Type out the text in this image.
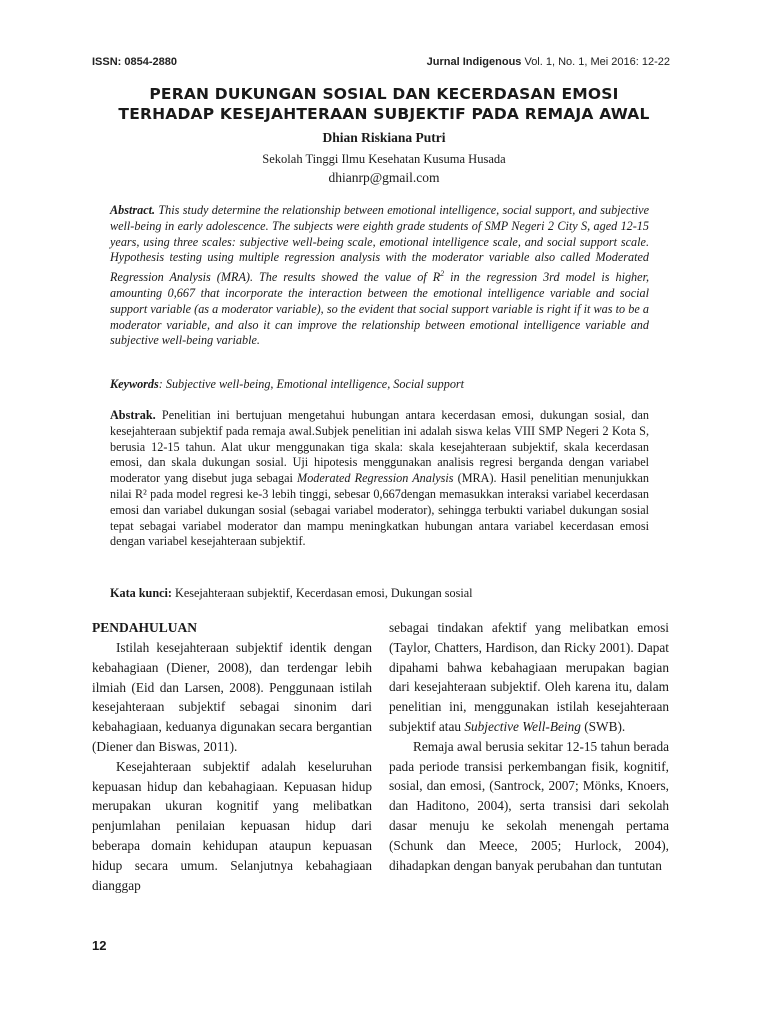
ISSN: 0854-2880	Jurnal Indigenous Vol. 1, No. 1, Mei 2016: 12-22
PERAN DUKUNGAN SOSIAL DAN KECERDASAN EMOSI
TERHADAP KESEJAHTERAAN SUBJEKTIF PADA REMAJA AWAL
Dhian Riskiana Putri
Sekolah Tinggi Ilmu Kesehatan Kusuma Husada
dhianrp@gmail.com
Abstract. This study determine the relationship between emotional intelligence, social support, and subjective well-being in early adolescence. The subjects were eighth grade students of SMP Negeri 2 City S, aged 12-15 years, using three scales: subjective well-being scale, emotional intelligence scale, and social support scale. Hypothesis testing using multiple regression analysis with the moderator variable also called Moderated Regression Analysis (MRA). The results showed the value of $R^2$ in the regression 3rd model is higher, amounting 0,667 that incorporate the interaction between the emotional intelligence variable and social support variable (as a moderator variable), so the evident that social support variable is right if it was to be a moderator variable, and also it can improve the relationship between emotional intelligence variable and subjective well-being variable.
Keywords: Subjective well-being, Emotional intelligence, Social support
Abstrak. Penelitian ini bertujuan mengetahui hubungan antara kecerdasan emosi, dukungan sosial, dan kesejahteraan subjektif pada remaja awal.Subjek penelitian ini adalah siswa kelas VIII SMP Negeri 2 Kota S, berusia 12-15 tahun. Alat ukur menggunakan tiga skala: skala kesejahteraan subjektif, skala kecerdasan emosi, dan skala dukungan sosial. Uji hipotesis menggunakan analisis regresi berganda dengan variabel moderator yang disebut juga sebagai Moderated Regression Analysis (MRA). Hasil penelitian menunjukkan nilai R² pada model regresi ke-3 lebih tinggi, sebesar 0,667dengan memasukkan interaksi variabel kecerdasan emosi dan variabel dukungan sosial (sebagai variabel moderator), sehingga terbukti variabel dukungan sosial tepat sebagai variabel moderator dan mampu meningkatkan hubungan antara variabel kecerdasan emosi dengan variabel kesejahteraan subjektif.
Kata kunci: Kesejahteraan subjektif, Kecerdasan emosi, Dukungan sosial

PENDAHULUAN

Istilah kesejahteraan subjektif identik dengan kebahagiaan (Diener, 2008), dan terdengar lebih ilmiah (Eid dan Larsen, 2008). Penggunaan istilah kesejahteraan subjektif sebagai sinonim dari kebahagiaan, keduanya digunakan secara bergantian (Diener dan Biswas, 2011).

Kesejahteraan subjektif adalah keseluruhan kepuasan hidup dan kebahagiaan. Kepuasan hidup merupakan ukuran kognitif yang melibatkan penjumlahan penilaian kepuasan hidup dari beberapa domain kehidupan ataupun kepuasan hidup secara umum. Selanjutnya kebahagiaan dianggap

sebagai tindakan afektif yang melibatkan emosi (Taylor, Chatters, Hardison, dan Ricky 2001). Dapat dipahami bahwa kebahagiaan merupakan bagian dari kesejahteraan subjektif. Oleh karena itu, dalam penelitian ini, menggunakan istilah kesejahteraan subjektif atau Subjective Well-Being (SWB).

Remaja awal berusia sekitar 12-15 tahun berada pada periode transisi perkembangan fisik, kognitif, sosial, dan emosi, (Santrock, 2007; Mönks, Knoers, dan Haditono, 2004), serta transisi dari sekolah dasar menuju ke sekolah menengah pertama (Schunk dan Meece, 2005; Hurlock, 2004), dihadapkan dengan banyak perubahan dan tuntutan

12
